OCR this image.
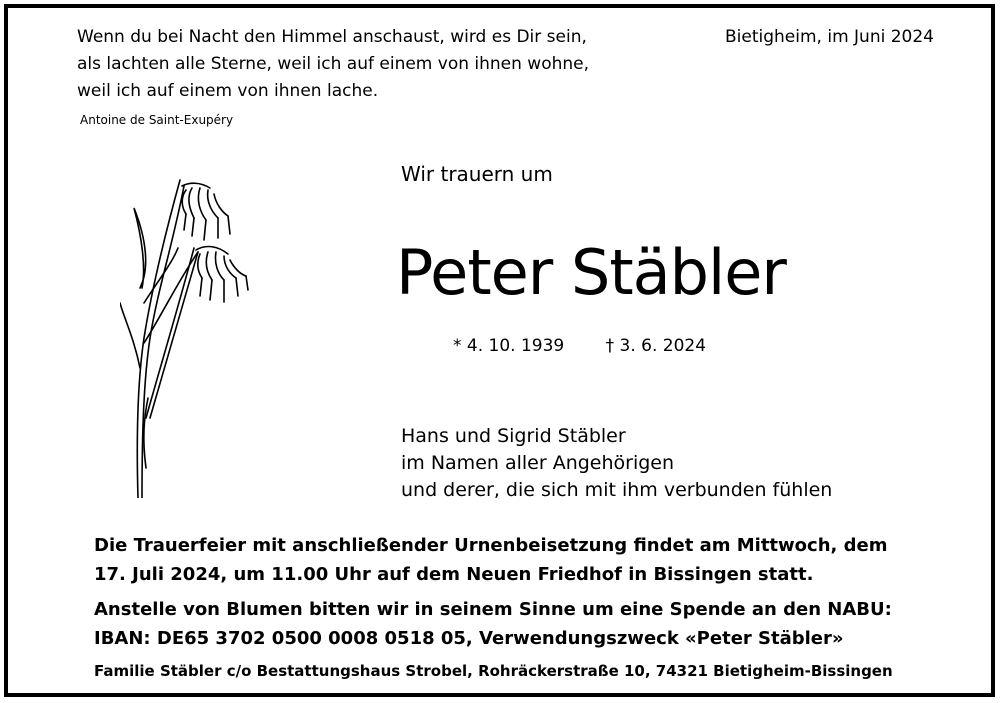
Wenn du bei Nacht den Himmel anschaust, wird es Dir sein,
als lachten alle Sterne, weil ich auf einem von ihnen wohne,
weil ich auf einem von ihnen lache.
Bietigheim, im Juni 2024
Antoine de Saint-Exupéry
Wir trauern um
Peter Stäbler
* 4. 10. 1939 † 3. 6. 2024
Hans und Sigrid Stäbler
im Namen aller Angehörigen
und derer, die sich mit ihm verbunden fühlen
Die Trauerfeier mit anschließender Urnenbeisetzung findet am Mittwoch, dem
17. Juli 2024, um 11.00 Uhr auf dem Neuen Friedhof in Bissingen statt.
Anstelle von Blumen bitten wir in seinem Sinne um eine Spende an den NABU:
IBAN: DE65 3702 0500 0008 0518 05, Verwendungszweck «Peter Stäbler»
Familie Stäbler c/o Bestattungshaus Strobel, Rohräckerstraße 10, 74321 Bietigheim-Bissingen
